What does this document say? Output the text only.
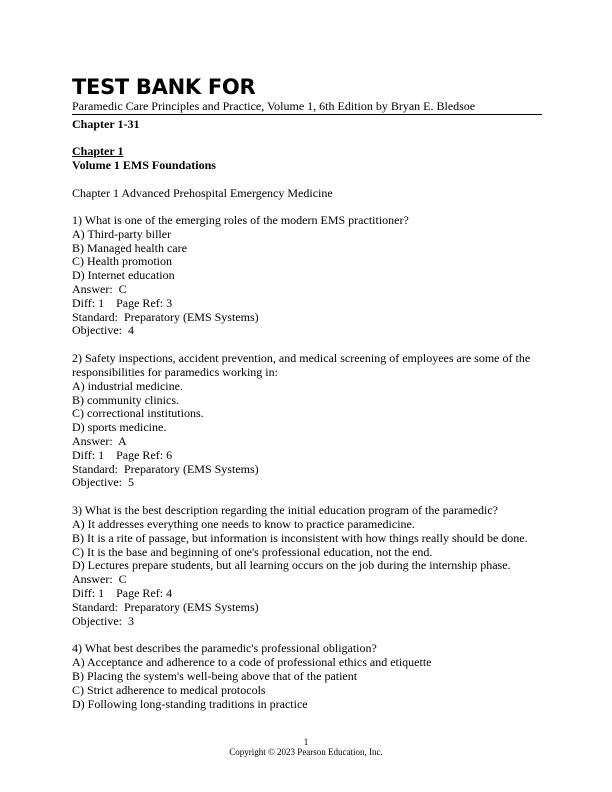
TEST BANK FOR
Paramedic Care Principles and Practice, Volume 1, 6th Edition by Bryan E. Bledsoe
Chapter 1-31
Chapter 1
Volume 1 EMS Foundations
Chapter 1 Advanced Prehospital Emergency Medicine
1) What is one of the emerging roles of the modern EMS practitioner?
A) Third-party biller
B) Managed health care
C) Health promotion
D) Internet education
Answer:  C
Diff: 1    Page Ref: 3
Standard:  Preparatory (EMS Systems)
Objective:  4
2) Safety inspections, accident prevention, and medical screening of employees are some of the responsibilities for paramedics working in:
A) industrial medicine.
B) community clinics.
C) correctional institutions.
D) sports medicine.
Answer:  A
Diff: 1    Page Ref: 6
Standard:  Preparatory (EMS Systems)
Objective:  5
3) What is the best description regarding the initial education program of the paramedic?
A) It addresses everything one needs to know to practice paramedicine.
B) It is a rite of passage, but information is inconsistent with how things really should be done.
C) It is the base and beginning of one's professional education, not the end.
D) Lectures prepare students, but all learning occurs on the job during the internship phase.
Answer:  C
Diff: 1    Page Ref: 4
Standard:  Preparatory (EMS Systems)
Objective:  3
4) What best describes the paramedic's professional obligation?
A) Acceptance and adherence to a code of professional ethics and etiquette
B) Placing the system's well-being above that of the patient
C) Strict adherence to medical protocols
D) Following long-standing traditions in practice
1
Copyright © 2023 Pearson Education, Inc.
